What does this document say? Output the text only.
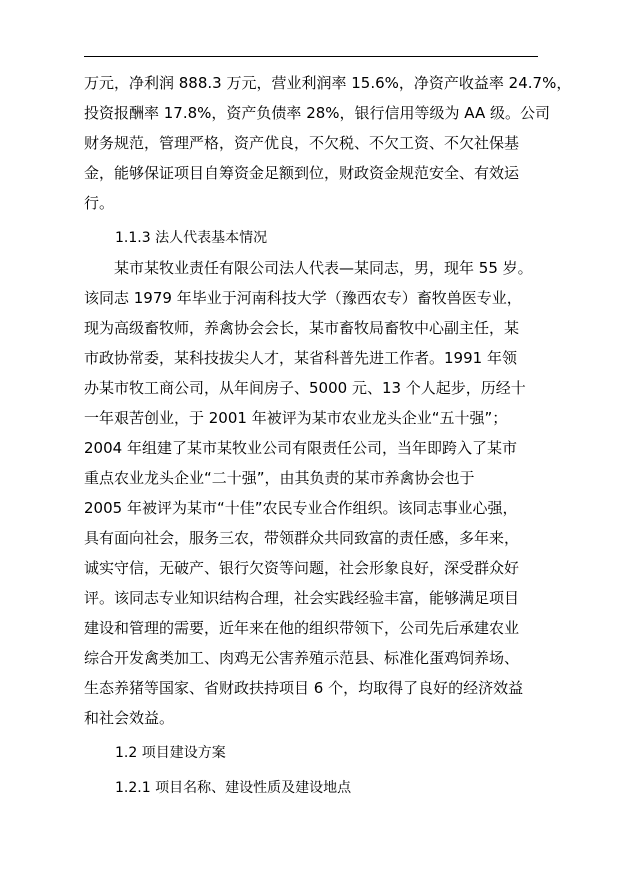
万元，净利润 888.3 万元，营业利润率 15.6%，净资产收益率 24.7%，
投资报酬率 17.8%，资产负债率 28%，银行信用等级为 AA 级。公司
财务规范，管理严格，资产优良，不欠税、不欠工资、不欠社保基
金，能够保证项目自筹资金足额到位，财政资金规范安全、有效运
行。
1.1.3 法人代表基本情况
　　某市某牧业责任有限公司法人代表—某同志，男，现年 55 岁。
该同志 1979 年毕业于河南科技大学（豫西农专）畜牧兽医专业，
现为高级畜牧师，养禽协会会长，某市畜牧局畜牧中心副主任，某
市政协常委，某科技拔尖人才，某省科普先进工作者。1991 年领
办某市牧工商公司，从年间房子、5000 元、13 个人起步，历经十
一年艰苦创业，于 2001 年被评为某市农业龙头企业“五十强”；
2004 年组建了某市某牧业公司有限责任公司，当年即跨入了某市
重点农业龙头企业“二十强”，由其负责的某市养禽协会也于
2005 年被评为某市“十佳”农民专业合作组织。该同志事业心强，
具有面向社会，服务三农，带领群众共同致富的责任感，多年来，
诚实守信，无破产、银行欠资等问题，社会形象良好，深受群众好
评。该同志专业知识结构合理，社会实践经验丰富，能够满足项目
建设和管理的需要，近年来在他的组织带领下，公司先后承建农业
综合开发禽类加工、肉鸡无公害养殖示范县、标准化蛋鸡饲养场、
生态养猪等国家、省财政扶持项目 6 个，均取得了良好的经济效益
和社会效益。
1.2 项目建设方案
1.2.1 项目名称、建设性质及建设地点
